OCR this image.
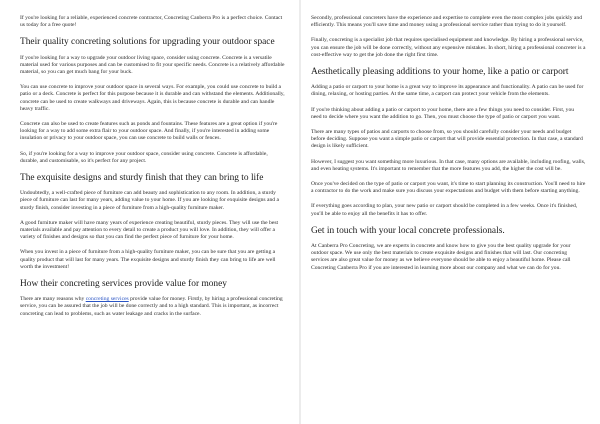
If you're looking for a reliable, experienced concrete contractor, Concreting Canberra Pro is a perfect choice. Contact us today for a free quote!

Their quality concreting solutions for upgrading your outdoor space

If you're looking for a way to upgrade your outdoor living space, consider using concrete. Concrete is a versatile material used for various purposes and can be customised to fit your specific needs. Concrete is a relatively affordable material, so you can get much bang for your buck.

You can use concrete to improve your outdoor space in several ways. For example, you could use concrete to build a patio or a deck. Concrete is perfect for this purpose because it is durable and can withstand the elements. Additionally, concrete can be used to create walkways and driveways. Again, this is because concrete is durable and can handle heavy traffic.

Concrete can also be used to create features such as ponds and fountains. These features are a great option if you're looking for a way to add some extra flair to your outdoor space. And finally, if you're interested in adding some insulation or privacy to your outdoor space, you can use concrete to build walls or fences.

So, if you're looking for a way to improve your outdoor space, consider using concrete. Concrete is affordable, durable, and customisable, so it's perfect for any project.

The exquisite designs and sturdy finish that they can bring to life

Undoubtedly, a well-crafted piece of furniture can add beauty and sophistication to any room. In addition, a sturdy piece of furniture can last for many years, adding value to your home. If you are looking for exquisite designs and a sturdy finish, consider investing in a piece of furniture from a high-quality furniture maker.

A good furniture maker will have many years of experience creating beautiful, sturdy pieces. They will use the best materials available and pay attention to every detail to create a product you will love. In addition, they will offer a variety of finishes and designs so that you can find the perfect piece of furniture for your home.

When you invest in a piece of furniture from a high-quality furniture maker, you can be sure that you are getting a quality product that will last for many years. The exquisite designs and sturdy finish they can bring to life are well worth the investment!

How their concreting services provide value for money

There are many reasons why concreting services provide value for money. Firstly, by hiring a professional concreting service, you can be assured that the job will be done correctly and to a high standard. This is important, as incorrect concreting can lead to problems, such as water leakage and cracks in the surface.

Secondly, professional concreters have the experience and expertise to complete even the most complex jobs quickly and efficiently. This means you'll save time and money using a professional service rather than trying to do it yourself.

Finally, concreting is a specialist job that requires specialised equipment and knowledge. By hiring a professional service, you can ensure the job will be done correctly, without any expensive mistakes. In short, hiring a professional concreter is a cost-effective way to get the job done the right first time.

Aesthetically pleasing additions to your home, like a patio or carport

Adding a patio or carport to your home is a great way to improve its appearance and functionality. A patio can be used for dining, relaxing, or hosting parties. At the same time, a carport can protect your vehicle from the elements.

If you're thinking about adding a patio or carport to your home, there are a few things you need to consider. First, you need to decide where you want the addition to go. Then, you must choose the type of patio or carport you want.

There are many types of patios and carports to choose from, so you should carefully consider your needs and budget before deciding. Suppose you want a simple patio or carport that will provide essential protection. In that case, a standard design is likely sufficient.

However, I suggest you want something more luxurious. In that case, many options are available, including roofing, walls, and even heating systems. It's important to remember that the more features you add, the higher the cost will be.

Once you've decided on the type of patio or carport you want, it's time to start planning its construction. You'll need to hire a contractor to do the work and make sure you discuss your expectations and budget with them before starting anything.

If everything goes according to plan, your new patio or carport should be completed in a few weeks. Once it's finished, you'll be able to enjoy all the benefits it has to offer.

Get in touch with your local concrete professionals.

At Canberra Pro Concreting, we are experts in concrete and know how to give you the best quality upgrade for your outdoor space. We use only the best materials to create exquisite designs and finishes that will last. Our concreting services are also great value for money as we believe everyone should be able to enjoy a beautiful home. Please call Concreting Canberra Pro if you are interested in learning more about our company and what we can do for you.
